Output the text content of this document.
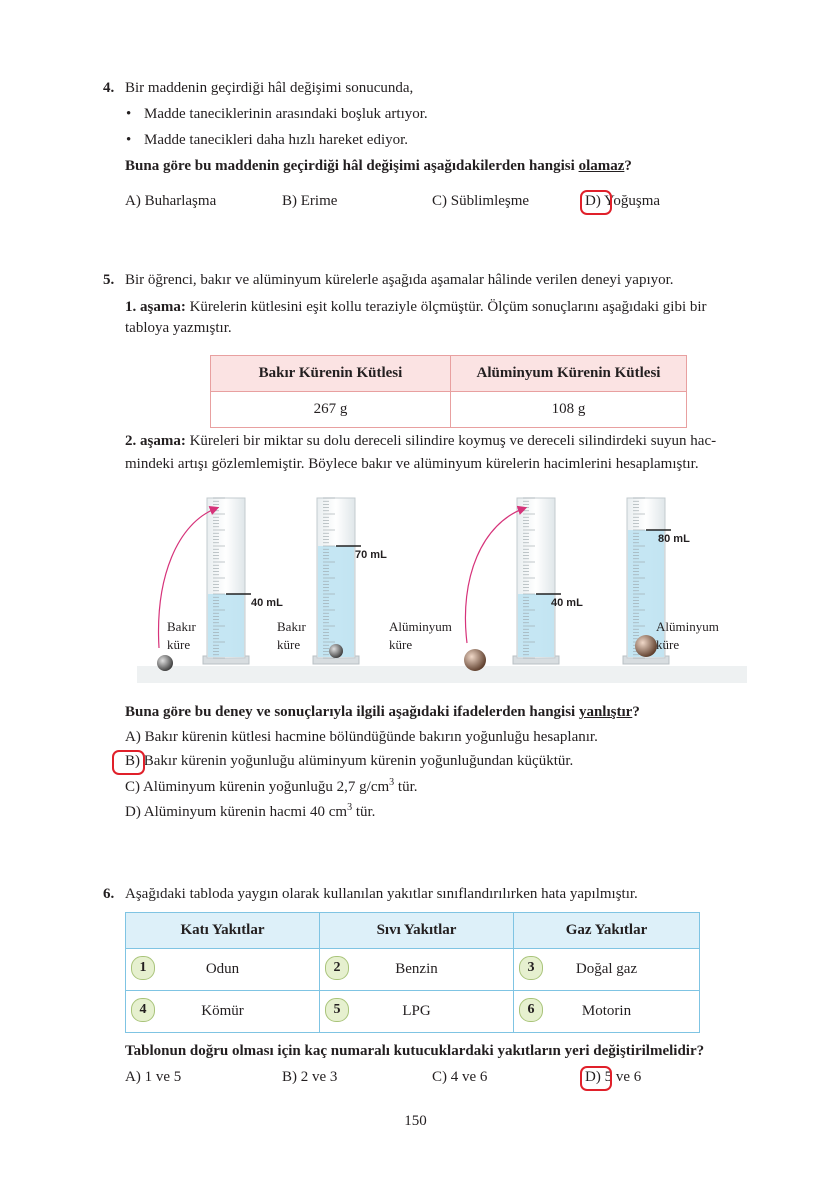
4. Bir maddenin geçirdiği hâl değişimi sonucunda,
• Madde taneciklerinin arasındaki boşluk artıyor.
• Madde tanecikleri daha hızlı hareket ediyor.
Buna göre bu maddenin geçirdiği hâl değişimi aşağıdakilerden hangisi olamaz?
A) Buharlaşma	B) Erime	C) Süblimleşme	D) Yoğuşma
5. Bir öğrenci, bakır ve alüminyum kürelerle aşağıda aşamalar hâlinde verilen deneyi yapıyor.
1. aşama: Kürelerin kütlesini eşit kollu teraziyle ölçmüştür. Ölçüm sonuçlarını aşağıdaki gibi bir
tabloya yazmıştır.
Bakır Kürenin Kütlesi	Alüminyum Kürenin Kütlesi
267 g	108 g
2. aşama: Küreleri bir miktar su dolu dereceli silindire koymuş ve dereceli silindirdeki suyun hac-
mindeki artışı gözlemlemiştir. Böylece bakır ve alüminyum kürelerin hacimlerini hesaplamıştır.
Bakır
küre
Bakır
küre
Alüminyum
küre
Alüminyum
küre
40 mL
70 mL
40 mL
80 mL
Buna göre bu deney ve sonuçlarıyla ilgili aşağıdaki ifadelerden hangisi yanlıştır?
A) Bakır kürenin kütlesi hacmine bölündüğünde bakırın yoğunluğu hesaplanır.
B) Bakır kürenin yoğunluğu alüminyum kürenin yoğunluğundan küçüktür.
C) Alüminyum kürenin yoğunluğu 2,7 $g/cm^3$ tür.
D) Alüminyum kürenin hacmi 40 $cm^3$ tür.
6. Aşağıdaki tabloda yaygın olarak kullanılan yakıtlar sınıflandırılırken hata yapılmıştır.
Katı Yakıtlar	Sıvı Yakıtlar	Gaz Yakıtlar

1 Odun	2 Benzin	3 Doğal gaz

4 Kömür	5 LPG	6 Motorin
Tablonun doğru olması için kaç numaralı kutucuklardaki yakıtların yeri değiştirilmelidir?
A) 1 ve 5	B) 2 ve 3	C) 4 ve 6	D) 5 ve 6
150
